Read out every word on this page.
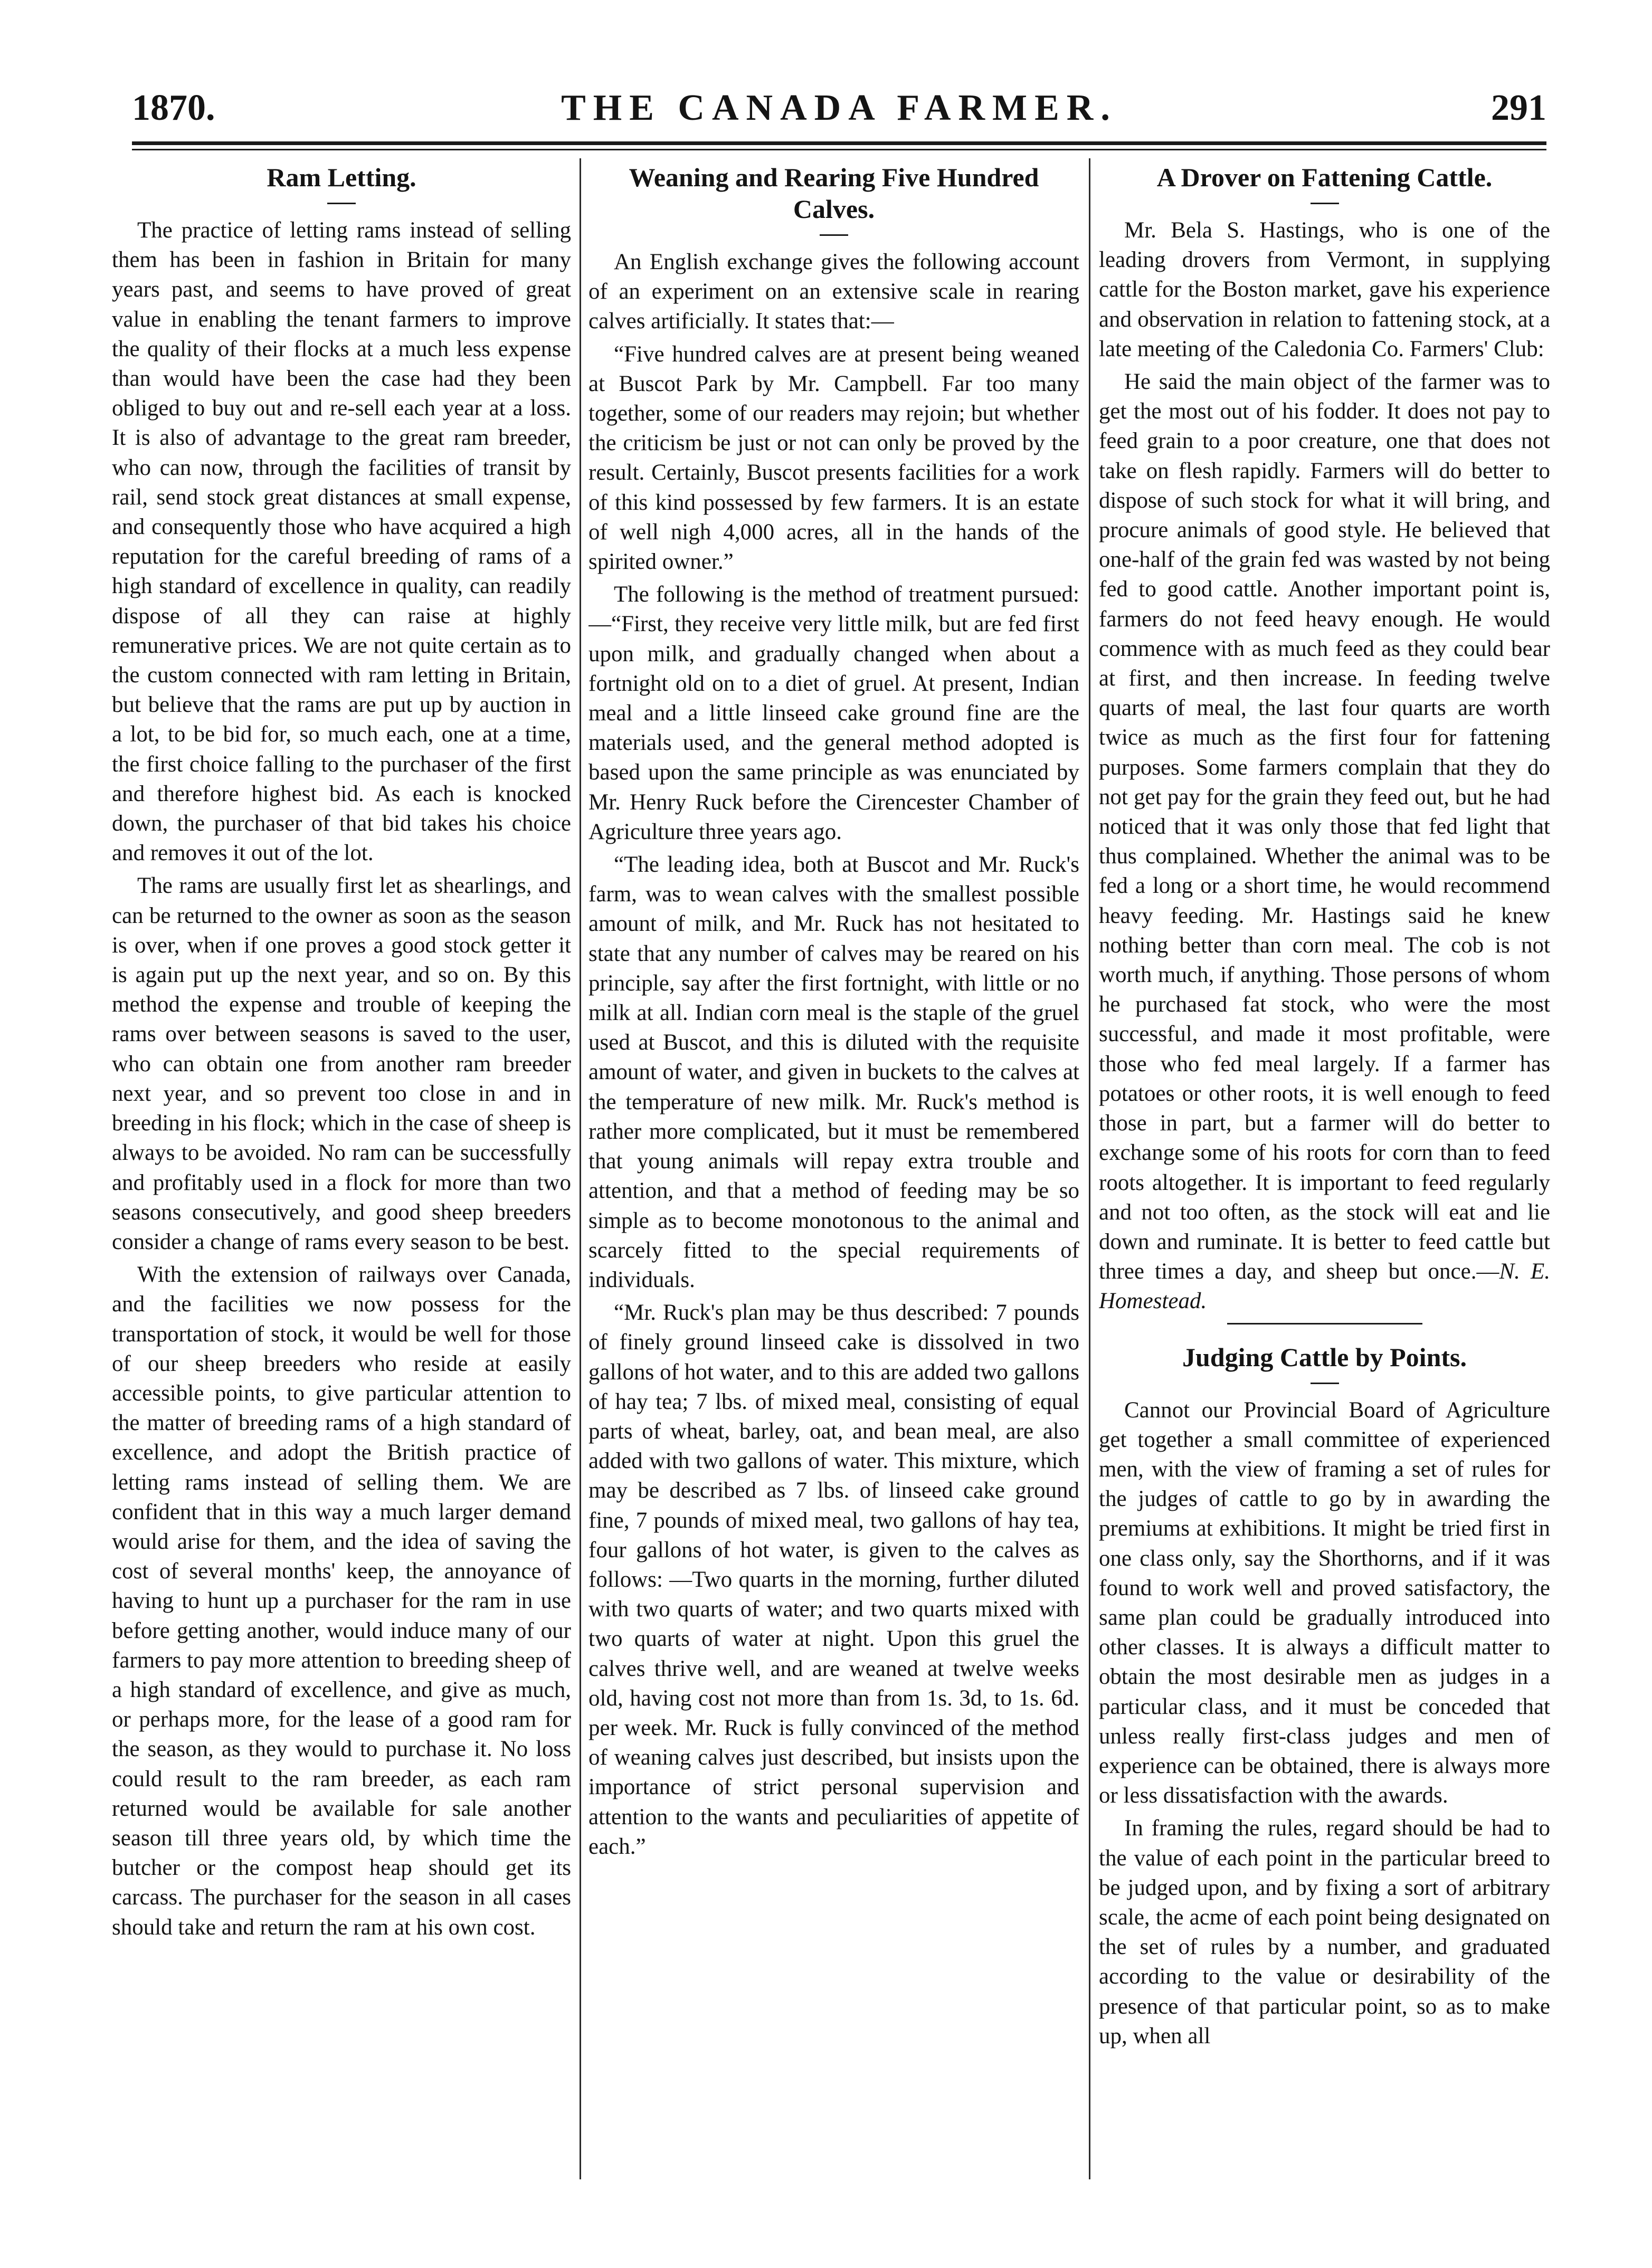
1870.	THE CANADA FARMER.	291
Ram Letting.

The practice of letting rams instead of selling them has been in fashion in Britain for many years past, and seems to have proved of great value in enabling the tenant farmers to improve the quality of their flocks at a much less expense than would have been the case had they been obliged to buy out and re-sell each year at a loss. It is also of advantage to the great ram breeder, who can now, through the facilities of transit by rail, send stock great distances at small expense, and consequently those who have acquired a high reputation for the careful breeding of rams of a high standard of excellence in quality, can readily dispose of all they can raise at highly remunerative prices. We are not quite certain as to the custom connected with ram letting in Britain, but believe that the rams are put up by auction in a lot, to be bid for, so much each, one at a time, the first choice falling to the purchaser of the first and therefore highest bid. As each is knocked down, the purchaser of that bid takes his choice and removes it out of the lot.

The rams are usually first let as shearlings, and can be returned to the owner as soon as the season is over, when if one proves a good stock getter it is again put up the next year, and so on. By this method the expense and trouble of keeping the rams over between seasons is saved to the user, who can obtain one from another ram breeder next year, and so prevent too close in and in breeding in his flock; which in the case of sheep is always to be avoided. No ram can be successfully and profitably used in a flock for more than two seasons consecutively, and good sheep breeders consider a change of rams every season to be best.

With the extension of railways over Canada, and the facilities we now possess for the transportation of stock, it would be well for those of our sheep breeders who reside at easily accessible points, to give particular attention to the matter of breeding rams of a high standard of excellence, and adopt the British practice of letting rams instead of selling them. We are confident that in this way a much larger demand would arise for them, and the idea of saving the cost of several months' keep, the annoyance of having to hunt up a purchaser for the ram in use before getting another, would induce many of our farmers to pay more attention to breeding sheep of a high standard of excellence, and give as much, or perhaps more, for the lease of a good ram for the season, as they would to purchase it. No loss could result to the ram breeder, as each ram returned would be available for sale another season till three years old, by which time the butcher or the compost heap should get its carcass. The purchaser for the season in all cases should take and return the ram at his own cost.

Weaning and Rearing Five Hundred Calves.

An English exchange gives the following account of an experiment on an extensive scale in rearing calves artificially. It states that:—

“Five hundred calves are at present being weaned at Buscot Park by Mr. Campbell. Far too many together, some of our readers may rejoin; but whether the criticism be just or not can only be proved by the result. Certainly, Buscot presents facilities for a work of this kind possessed by few farmers. It is an estate of well nigh 4,000 acres, all in the hands of the spirited owner.”

The following is the method of treatment pursued:—“First, they receive very little milk, but are fed first upon milk, and gradually changed when about a fortnight old on to a diet of gruel. At present, Indian meal and a little linseed cake ground fine are the materials used, and the general method adopted is based upon the same principle as was enunciated by Mr. Henry Ruck before the Cirencester Chamber of Agriculture three years ago.

“The leading idea, both at Buscot and Mr. Ruck's farm, was to wean calves with the smallest possible amount of milk, and Mr. Ruck has not hesitated to state that any number of calves may be reared on his principle, say after the first fortnight, with little or no milk at all. Indian corn meal is the staple of the gruel used at Buscot, and this is diluted with the requisite amount of water, and given in buckets to the calves at the temperature of new milk. Mr. Ruck's method is rather more complicated, but it must be remembered that young animals will repay extra trouble and attention, and that a method of feeding may be so simple as to become monotonous to the animal and scarcely fitted to the special requirements of individuals.

“Mr. Ruck's plan may be thus described: 7 pounds of finely ground linseed cake is dissolved in two gallons of hot water, and to this are added two gallons of hay tea; 7 lbs. of mixed meal, consisting of equal parts of wheat, barley, oat, and bean meal, are also added with two gallons of water. This mixture, which may be described as 7 lbs. of linseed cake ground fine, 7 pounds of mixed meal, two gallons of hay tea, four gallons of hot water, is given to the calves as follows: —Two quarts in the morning, further diluted with two quarts of water; and two quarts mixed with two quarts of water at night. Upon this gruel the calves thrive well, and are weaned at twelve weeks old, having cost not more than from 1s. 3d, to 1s. 6d. per week. Mr. Ruck is fully convinced of the method of weaning calves just described, but insists upon the importance of strict personal supervision and attention to the wants and peculiarities of appetite of each.”

A Drover on Fattening Cattle.

Mr. Bela S. Hastings, who is one of the leading drovers from Vermont, in supplying cattle for the Boston market, gave his experience and observation in relation to fattening stock, at a late meeting of the Caledonia Co. Farmers' Club:

He said the main object of the farmer was to get the most out of his fodder. It does not pay to feed grain to a poor creature, one that does not take on flesh rapidly. Farmers will do better to dispose of such stock for what it will bring, and procure animals of good style. He believed that one-half of the grain fed was wasted by not being fed to good cattle. Another important point is, farmers do not feed heavy enough. He would commence with as much feed as they could bear at first, and then increase. In feeding twelve quarts of meal, the last four quarts are worth twice as much as the first four for fattening purposes. Some farmers complain that they do not get pay for the grain they feed out, but he had noticed that it was only those that fed light that thus complained. Whether the animal was to be fed a long or a short time, he would recommend heavy feeding. Mr. Hastings said he knew nothing better than corn meal. The cob is not worth much, if anything. Those persons of whom he purchased fat stock, who were the most successful, and made it most profitable, were those who fed meal largely. If a farmer has potatoes or other roots, it is well enough to feed those in part, but a farmer will do better to exchange some of his roots for corn than to feed roots altogether. It is important to feed regularly and not too often, as the stock will eat and lie down and ruminate. It is better to feed cattle but three times a day, and sheep but once.—N. E. Homestead.

Judging Cattle by Points.

Cannot our Provincial Board of Agriculture get together a small committee of experienced men, with the view of framing a set of rules for the judges of cattle to go by in awarding the premiums at exhibitions. It might be tried first in one class only, say the Shorthorns, and if it was found to work well and proved satisfactory, the same plan could be gradually introduced into other classes. It is always a difficult matter to obtain the most desirable men as judges in a particular class, and it must be conceded that unless really first-class judges and men of experience can be obtained, there is always more or less dissatisfaction with the awards.

In framing the rules, regard should be had to the value of each point in the particular breed to be judged upon, and by fixing a sort of arbitrary scale, the acme of each point being designated on the set of rules by a number, and graduated according to the value or desirability of the presence of that particular point, so as to make up, when all
